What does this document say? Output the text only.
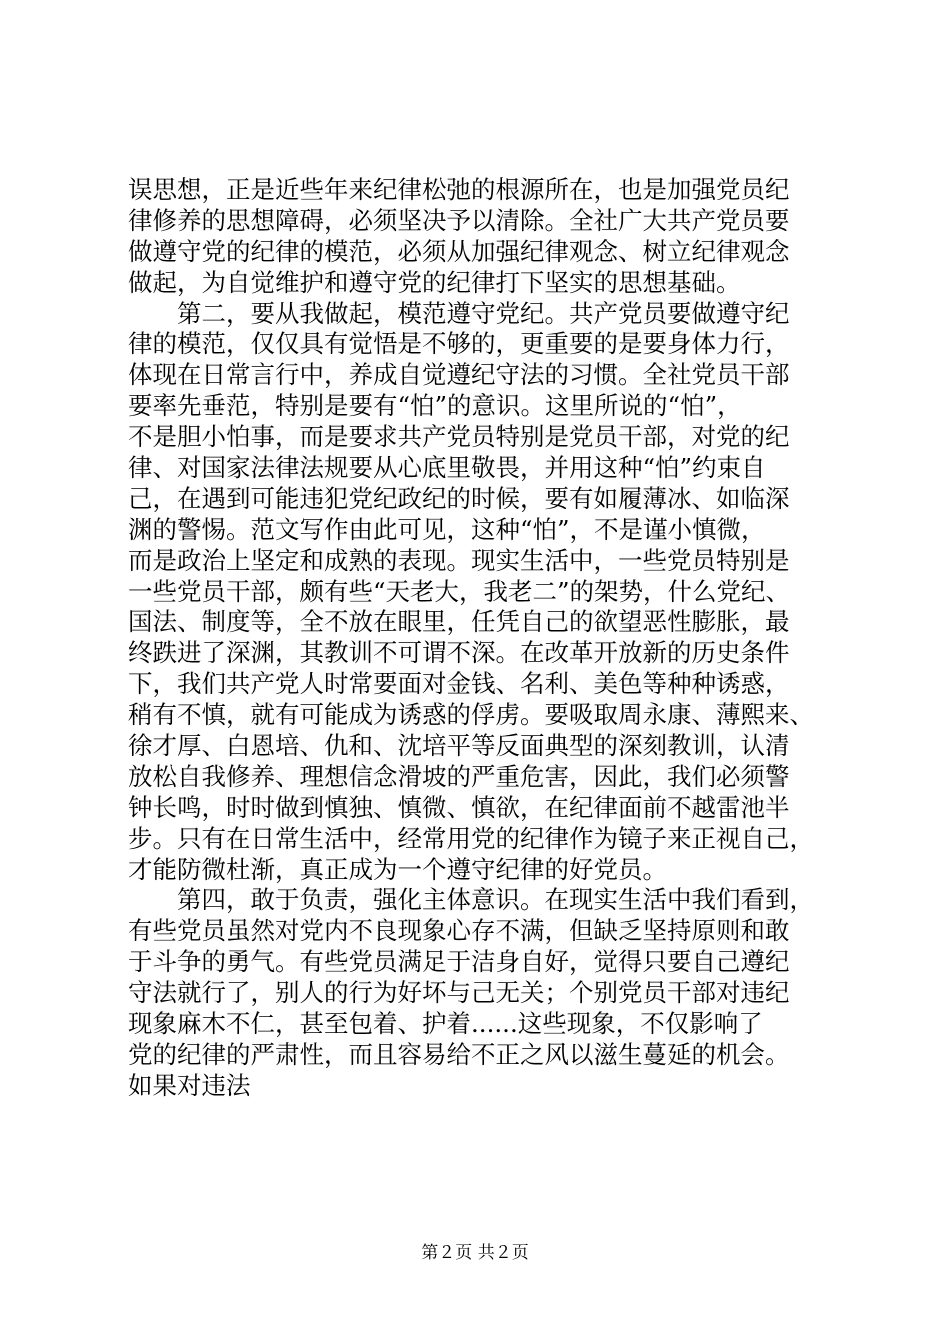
误思想，正是近些年来纪律松弛的根源所在，也是加强党员纪
律修养的思想障碍，必须坚决予以清除。全社广大共产党员要
做遵守党的纪律的模范，必须从加强纪律观念、树立纪律观念
做起，为自觉维护和遵守党的纪律打下坚实的思想基础。
　　第二，要从我做起，模范遵守党纪。共产党员要做遵守纪
律的模范，仅仅具有觉悟是不够的，更重要的是要身体力行，
体现在日常言行中，养成自觉遵纪守法的习惯。全社党员干部
要率先垂范，特别是要有“怕”的意识。这里所说的“怕”，
不是胆小怕事，而是要求共产党员特别是党员干部，对党的纪
律、对国家法律法规要从心底里敬畏，并用这种“怕”约束自
己，在遇到可能违犯党纪政纪的时候，要有如履薄冰、如临深
渊的警惕。范文写作由此可见，这种“怕”，不是谨小慎微，
而是政治上坚定和成熟的表现。现实生活中，一些党员特别是
一些党员干部，颇有些“天老大，我老二”的架势，什么党纪、
国法、制度等，全不放在眼里，任凭自己的欲望恶性膨胀，最
终跌进了深渊，其教训不可谓不深。在改革开放新的历史条件
下，我们共产党人时常要面对金钱、名利、美色等种种诱惑，
稍有不慎，就有可能成为诱惑的俘虏。要吸取周永康、薄熙来、
徐才厚、白恩培、仇和、沈培平等反面典型的深刻教训，认清
放松自我修养、理想信念滑坡的严重危害，因此，我们必须警
钟长鸣，时时做到慎独、慎微、慎欲，在纪律面前不越雷池半
步。只有在日常生活中，经常用党的纪律作为镜子来正视自己，
才能防微杜渐，真正成为一个遵守纪律的好党员。
　　第四，敢于负责，强化主体意识。在现实生活中我们看到，
有些党员虽然对党内不良现象心存不满，但缺乏坚持原则和敢
于斗争的勇气。有些党员满足于洁身自好，觉得只要自己遵纪
守法就行了，别人的行为好坏与己无关；个别党员干部对违纪
现象麻木不仁，甚至包着、护着......这些现象，不仅影响了
党的纪律的严肃性，而且容易给不正之风以滋生蔓延的机会。
如果对违法
第２页 共２页
